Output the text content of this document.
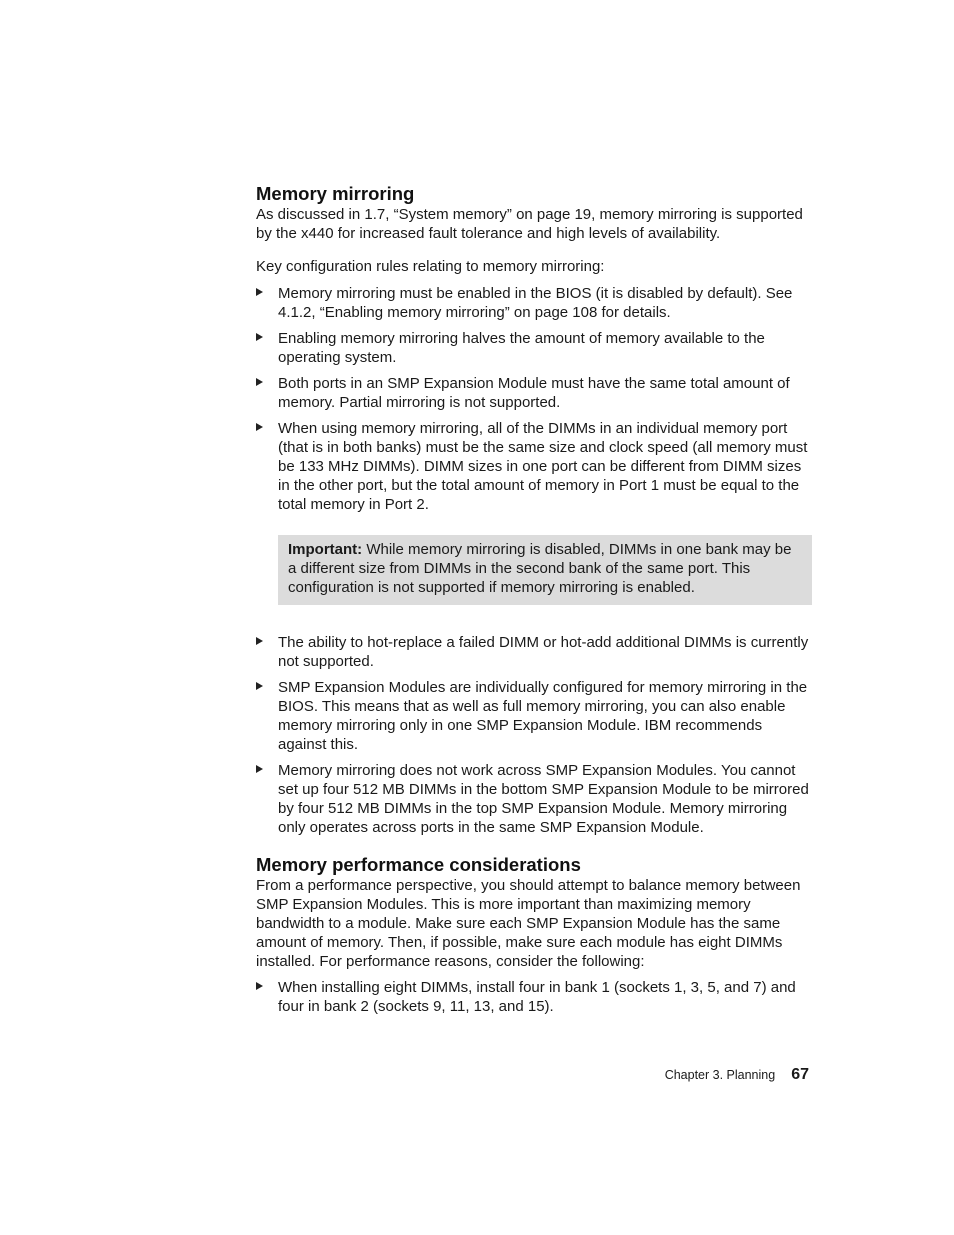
Memory mirroring

As discussed in 1.7, “System memory” on page 19, memory mirroring is supported by the x440 for increased fault tolerance and high levels of availability.

Key configuration rules relating to memory mirroring:

Memory mirroring must be enabled in the BIOS (it is disabled by default). See 4.1.2, “Enabling memory mirroring” on page 108 for details.
Enabling memory mirroring halves the amount of memory available to the operating system.
Both ports in an SMP Expansion Module must have the same total amount of memory. Partial mirroring is not supported.
When using memory mirroring, all of the DIMMs in an individual memory port (that is in both banks) must be the same size and clock speed (all memory must be 133 MHz DIMMs). DIMM sizes in one port can be different from DIMM sizes in the other port, but the total amount of memory in Port 1 must be equal to the total memory in Port 2.
Important: While memory mirroring is disabled, DIMMs in one bank may be a different size from DIMMs in the second bank of the same port. This configuration is not supported if memory mirroring is enabled.
The ability to hot-replace a failed DIMM or hot-add additional DIMMs is currently not supported.
SMP Expansion Modules are individually configured for memory mirroring in the BIOS. This means that as well as full memory mirroring, you can also enable memory mirroring only in one SMP Expansion Module. IBM recommends against this.
Memory mirroring does not work across SMP Expansion Modules. You cannot set up four 512 MB DIMMs in the bottom SMP Expansion Module to be mirrored by four 512 MB DIMMs in the top SMP Expansion Module. Memory mirroring only operates across ports in the same SMP Expansion Module.
Memory performance considerations

From a performance perspective, you should attempt to balance memory between SMP Expansion Modules. This is more important than maximizing memory bandwidth to a module. Make sure each SMP Expansion Module has the same amount of memory. Then, if possible, make sure each module has eight DIMMs installed. For performance reasons, consider the following:

When installing eight DIMMs, install four in bank 1 (sockets 1, 3, 5, and 7) and four in bank 2 (sockets 9, 11, 13, and 15).
Chapter 3. Planning 67
